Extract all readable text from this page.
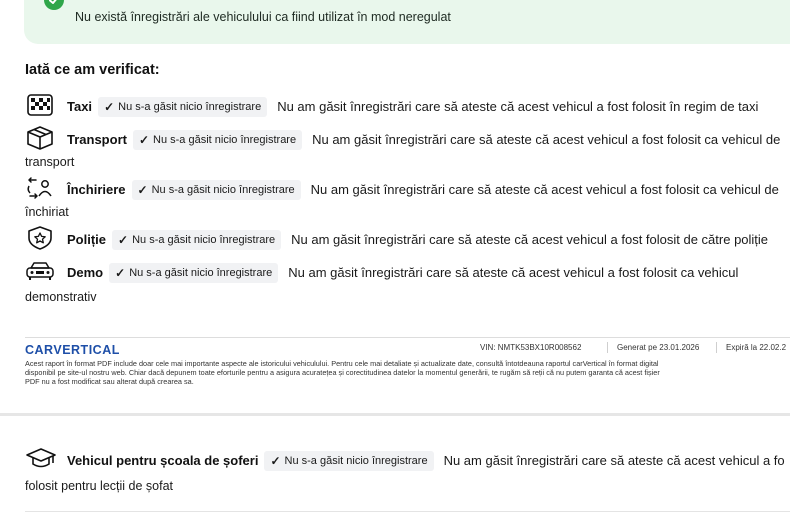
Nu există înregistrări ale vehiculului ca fiind utilizat în mod neregulat
Iată ce am verificat:
Taxi ✓ Nu s-a găsit nicio înregistrare Nu am găsit înregistrări care să ateste că acest vehicul a fost folosit în regim de taxi
Transport ✓ Nu s-a găsit nicio înregistrare Nu am găsit înregistrări care să ateste că acest vehicul a fost folosit ca vehicul de
transport
Închiriere ✓ Nu s-a găsit nicio înregistrare Nu am găsit înregistrări care să ateste că acest vehicul a fost folosit ca vehicul de
închiriat
Poliție ✓ Nu s-a găsit nicio înregistrare Nu am găsit înregistrări care să ateste că acest vehicul a fost folosit de către poliție
Demo ✓ Nu s-a găsit nicio înregistrare Nu am găsit înregistrări care să ateste că acest vehicul a fost folosit ca vehicul
demonstrativ
CARVERTICAL	VIN: NMTK53BX10R008562	Generat pe 23.01.2026	Expiră la 22.02.2
Acest raport în format PDF include doar cele mai importante aspecte ale istoricului vehiculului. Pentru cele mai detaliate și actualizate date, consultă întotdeauna raportul carVertical în format digital
disponibil pe site-ul nostru web. Chiar dacă depunem toate eforturile pentru a asigura acuratețea și corectitudinea datelor la momentul generării, te rugăm să reții că nu putem garanta că acest fișier
PDF nu a fost modificat sau alterat după crearea sa.
Vehicul pentru școala de șoferi ✓ Nu s-a găsit nicio înregistrare Nu am găsit înregistrări care să ateste că acest vehicul a fo
folosit pentru lecții de șofat
